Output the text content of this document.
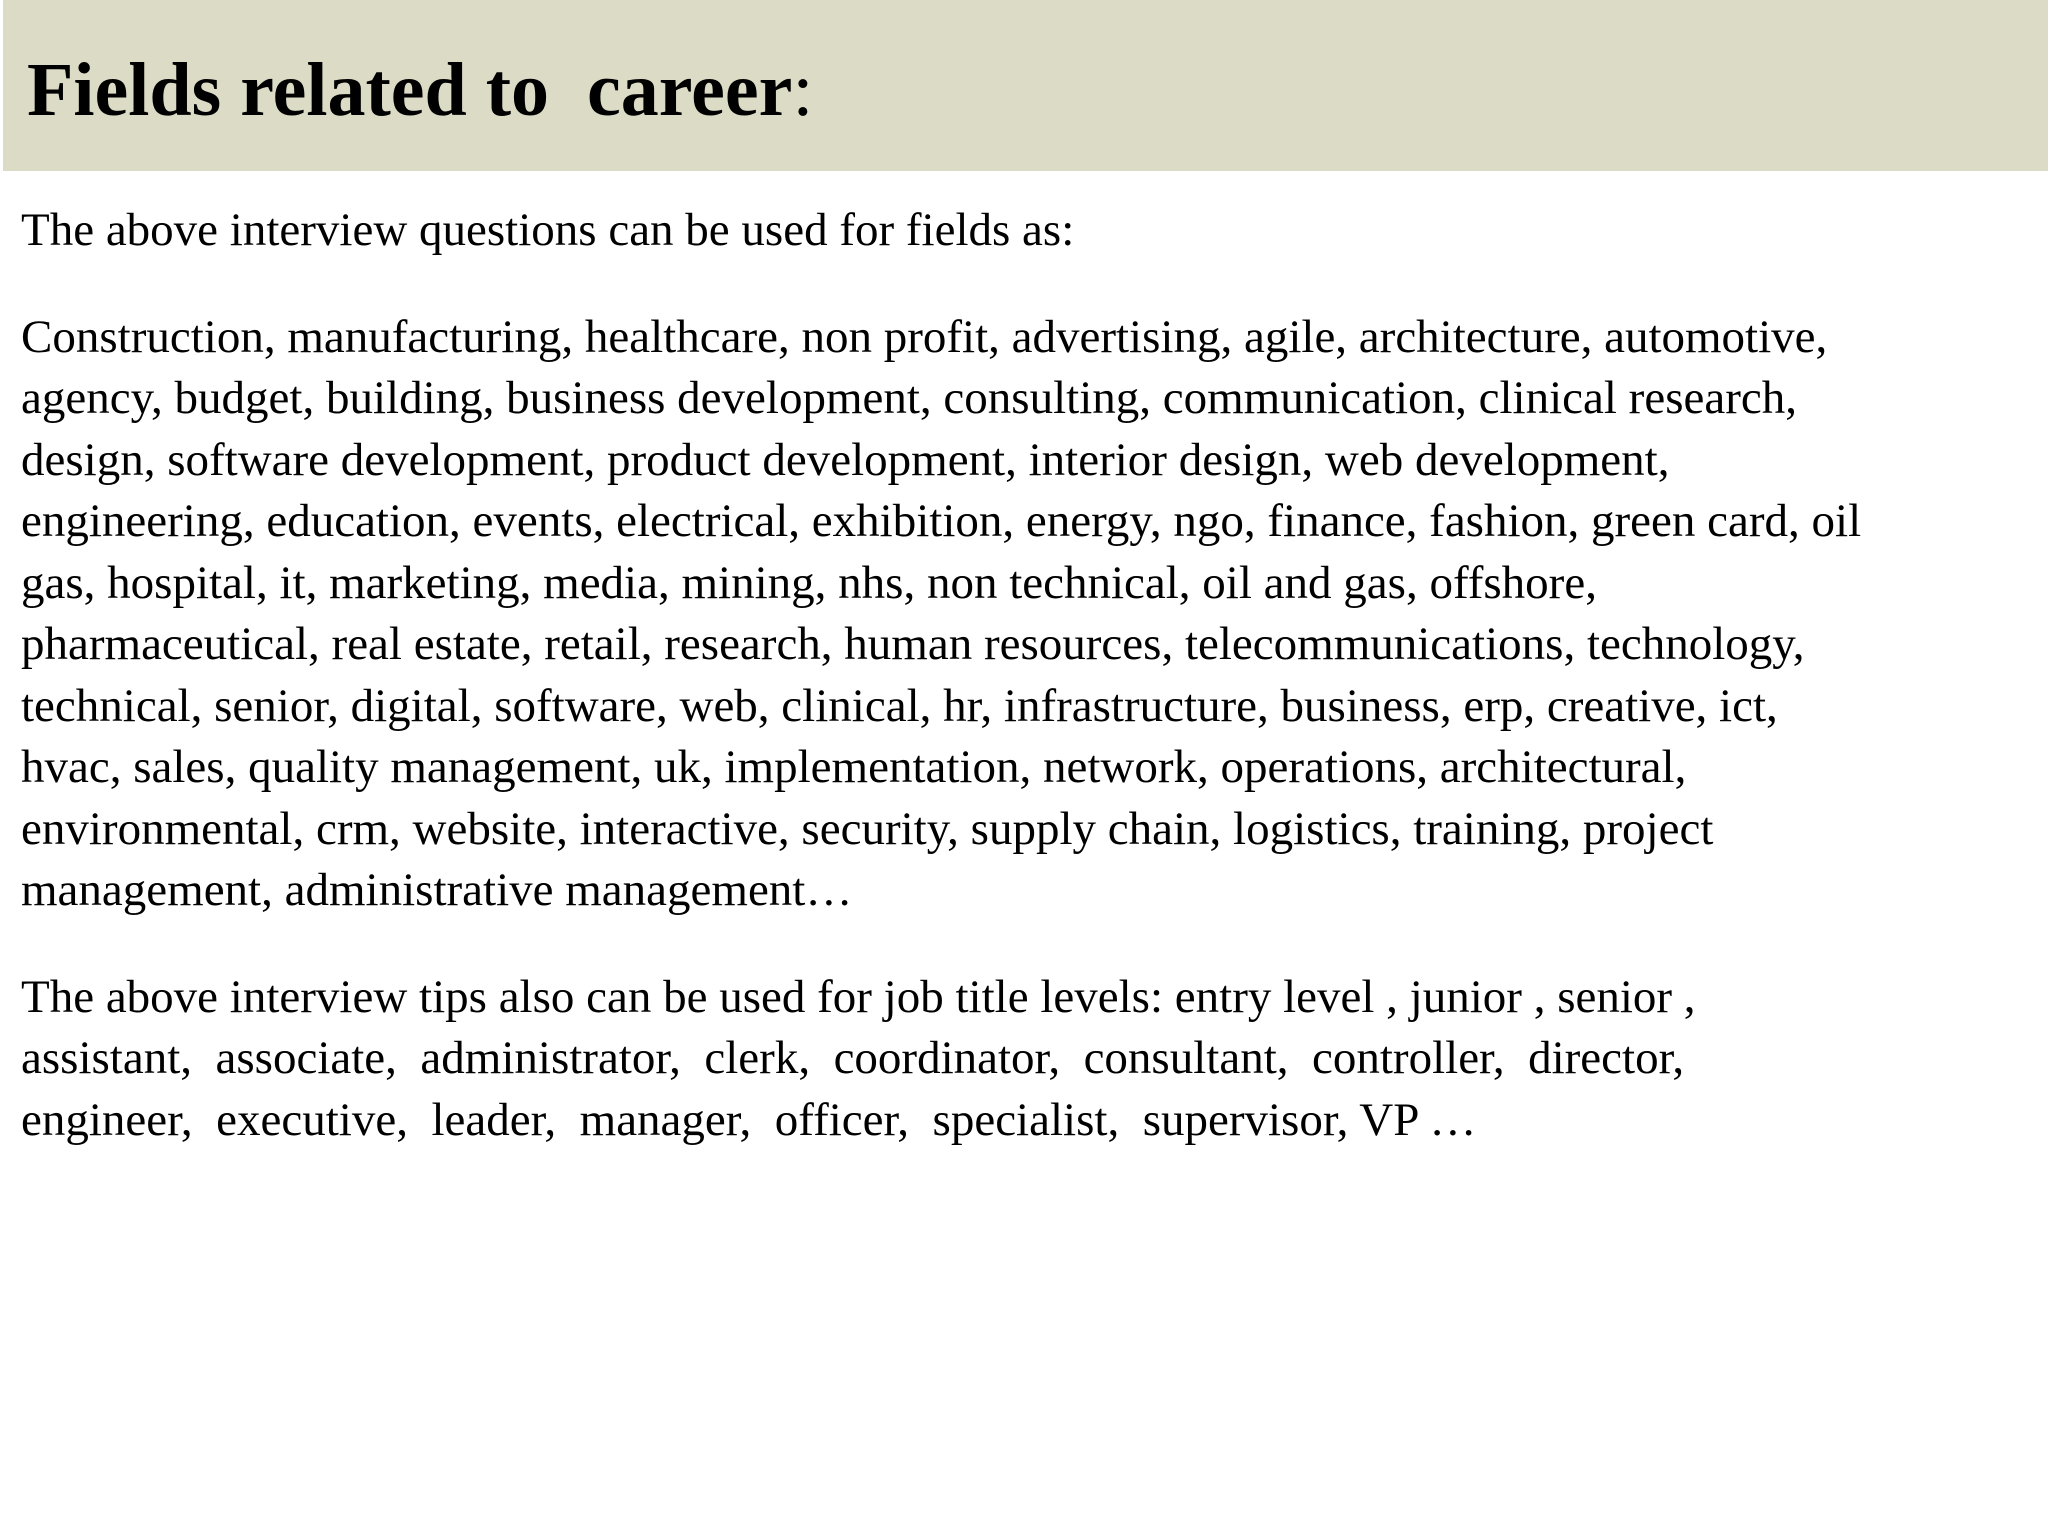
Fields related to  career:

The above interview questions can be used for fields as:

Construction, manufacturing, healthcare, non profit, advertising, agile, architecture, automotive,
agency, budget, building, business development, consulting, communication, clinical research,
design, software development, product development, interior design, web development,
engineering, education, events, electrical, exhibition, energy, ngo, finance, fashion, green card, oil
gas, hospital, it, marketing, media, mining, nhs, non technical, oil and gas, offshore,
pharmaceutical, real estate, retail, research, human resources, telecommunications, technology,
technical, senior, digital, software, web, clinical, hr, infrastructure, business, erp, creative, ict,
hvac, sales, quality management, uk, implementation, network, operations, architectural,
environmental, crm, website, interactive, security, supply chain, logistics, training, project
management, administrative management…

The above interview tips also can be used for job title levels: entry level , junior , senior ,
assistant,  associate,  administrator,  clerk,  coordinator,  consultant,  controller,  director,
engineer,  executive,  leader,  manager,  officer,  specialist,  supervisor, VP …
